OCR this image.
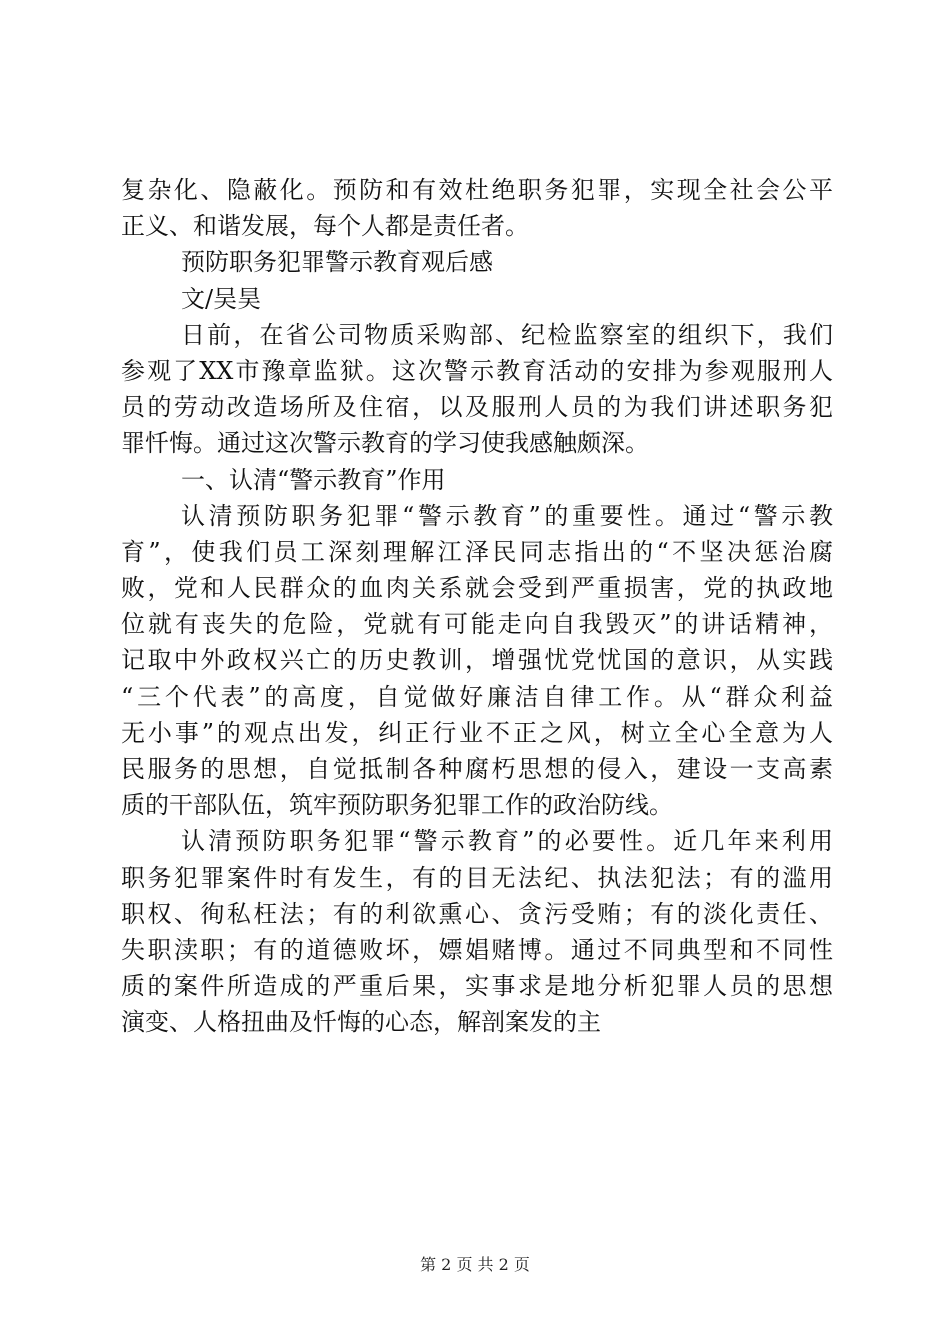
复杂化、隐蔽化。预防和有效杜绝职务犯罪，实现全社会公平
正义、和谐发展，每个人都是责任者。
预防职务犯罪警示教育观后感
文/吴昊
日前，在省公司物质采购部、纪检监察室的组织下，我们
参观了XX市豫章监狱。这次警示教育活动的安排为参观服刑人
员的劳动改造场所及住宿，以及服刑人员的为我们讲述职务犯
罪忏悔。通过这次警示教育的学习使我感触颇深。
一、认清“警示教育”作用
认清预防职务犯罪“警示教育”的重要性。通过“警示教
育”，使我们员工深刻理解江泽民同志指出的“不坚决惩治腐
败，党和人民群众的血肉关系就会受到严重损害，党的执政地
位就有丧失的危险，党就有可能走向自我毁灭”的讲话精神，
记取中外政权兴亡的历史教训，增强忧党忧国的意识，从实践
“三个代表”的高度，自觉做好廉洁自律工作。从“群众利益
无小事”的观点出发，纠正行业不正之风，树立全心全意为人
民服务的思想，自觉抵制各种腐朽思想的侵入，建设一支高素
质的干部队伍，筑牢预防职务犯罪工作的政治防线。
认清预防职务犯罪“警示教育”的必要性。近几年来利用
职务犯罪案件时有发生，有的目无法纪、执法犯法；有的滥用
职权、徇私枉法；有的利欲熏心、贪污受贿；有的淡化责任、
失职渎职；有的道德败坏，嫖娼赌博。通过不同典型和不同性
质的案件所造成的严重后果，实事求是地分析犯罪人员的思想
演变、人格扭曲及忏悔的心态，解剖案发的主
第 2 页 共 2 页
